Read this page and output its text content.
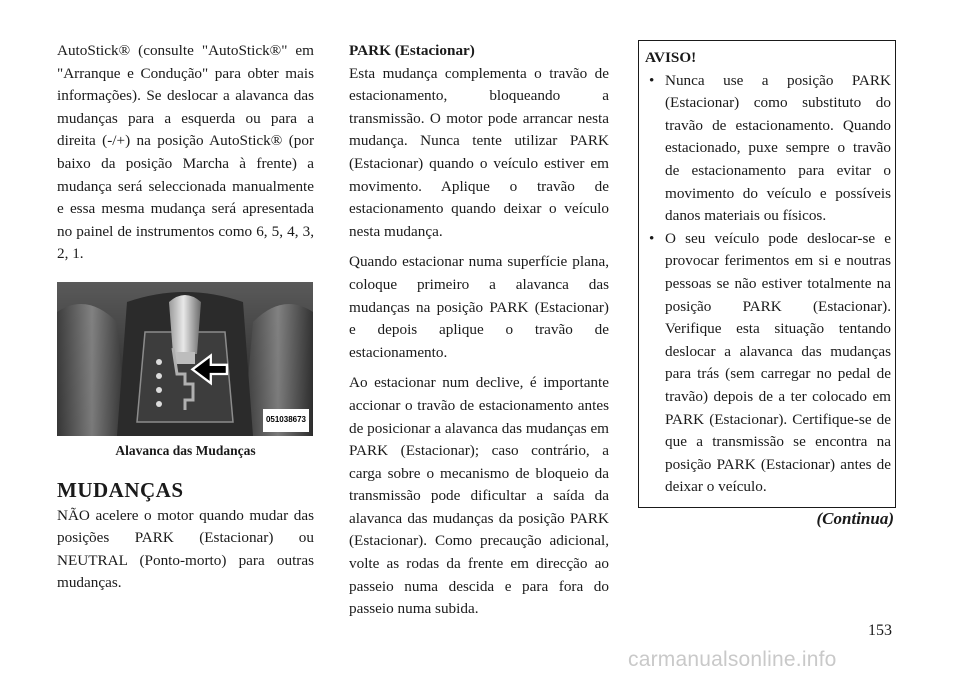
AutoStick® (consulte "AutoStick®" em "Arranque e Condução" para obter mais informações). Se deslocar a alavanca das mudanças para a esquerda ou para a direita (-/+) na posição AutoStick® (por baixo da posição Marcha à frente) a mudança será seleccionada manualmente e essa mesma mudança será apresentada no painel de instrumentos como 6, 5, 4, 3, 2, 1.

051038673
Alavanca das Mudanças
MUDANÇAS

NÃO acelere o motor quando mudar das posições PARK (Estacionar) ou NEUTRAL (Ponto-morto) para outras mudanças.

PARK (Estacionar)

Esta mudança complementa o travão de estacionamento, bloqueando a transmissão. O motor pode arrancar nesta mudança. Nunca tente utilizar PARK (Estacionar) quando o veículo estiver em movimento. Aplique o travão de estacionamento quando deixar o veículo nesta mudança.

Quando estacionar numa superfície plana, coloque primeiro a alavanca das mudanças na posição PARK (Estacionar) e depois aplique o travão de estacionamento.

Ao estacionar num declive, é importante accionar o travão de estacionamento antes de posicionar a alavanca das mudanças em PARK (Estacionar); caso contrário, a carga sobre o mecanismo de bloqueio da transmissão pode dificultar a saída da alavanca das mudanças da posição PARK (Estacionar). Como precaução adicional, volte as rodas da frente em direcção ao passeio numa descida e para fora do passeio numa subida.

AVISO!
• Nunca use a posição PARK (Estacionar) como substituto do travão de estacionamento. Quando estacionado, puxe sempre o travão de estacionamento para evitar o movimento do veículo e possíveis danos materiais ou físicos.
• O seu veículo pode deslocar-se e provocar ferimentos em si e noutras pessoas se não estiver totalmente na posição PARK (Estacionar). Verifique esta situação tentando deslocar a alavanca das mudanças para trás (sem carregar no pedal de travão) depois de a ter colocado em PARK (Estacionar). Certifique-se de que a transmissão se encontra na posição PARK (Estacionar) antes de deixar o veículo.
(Continua)
153
carmanualsonline.info
